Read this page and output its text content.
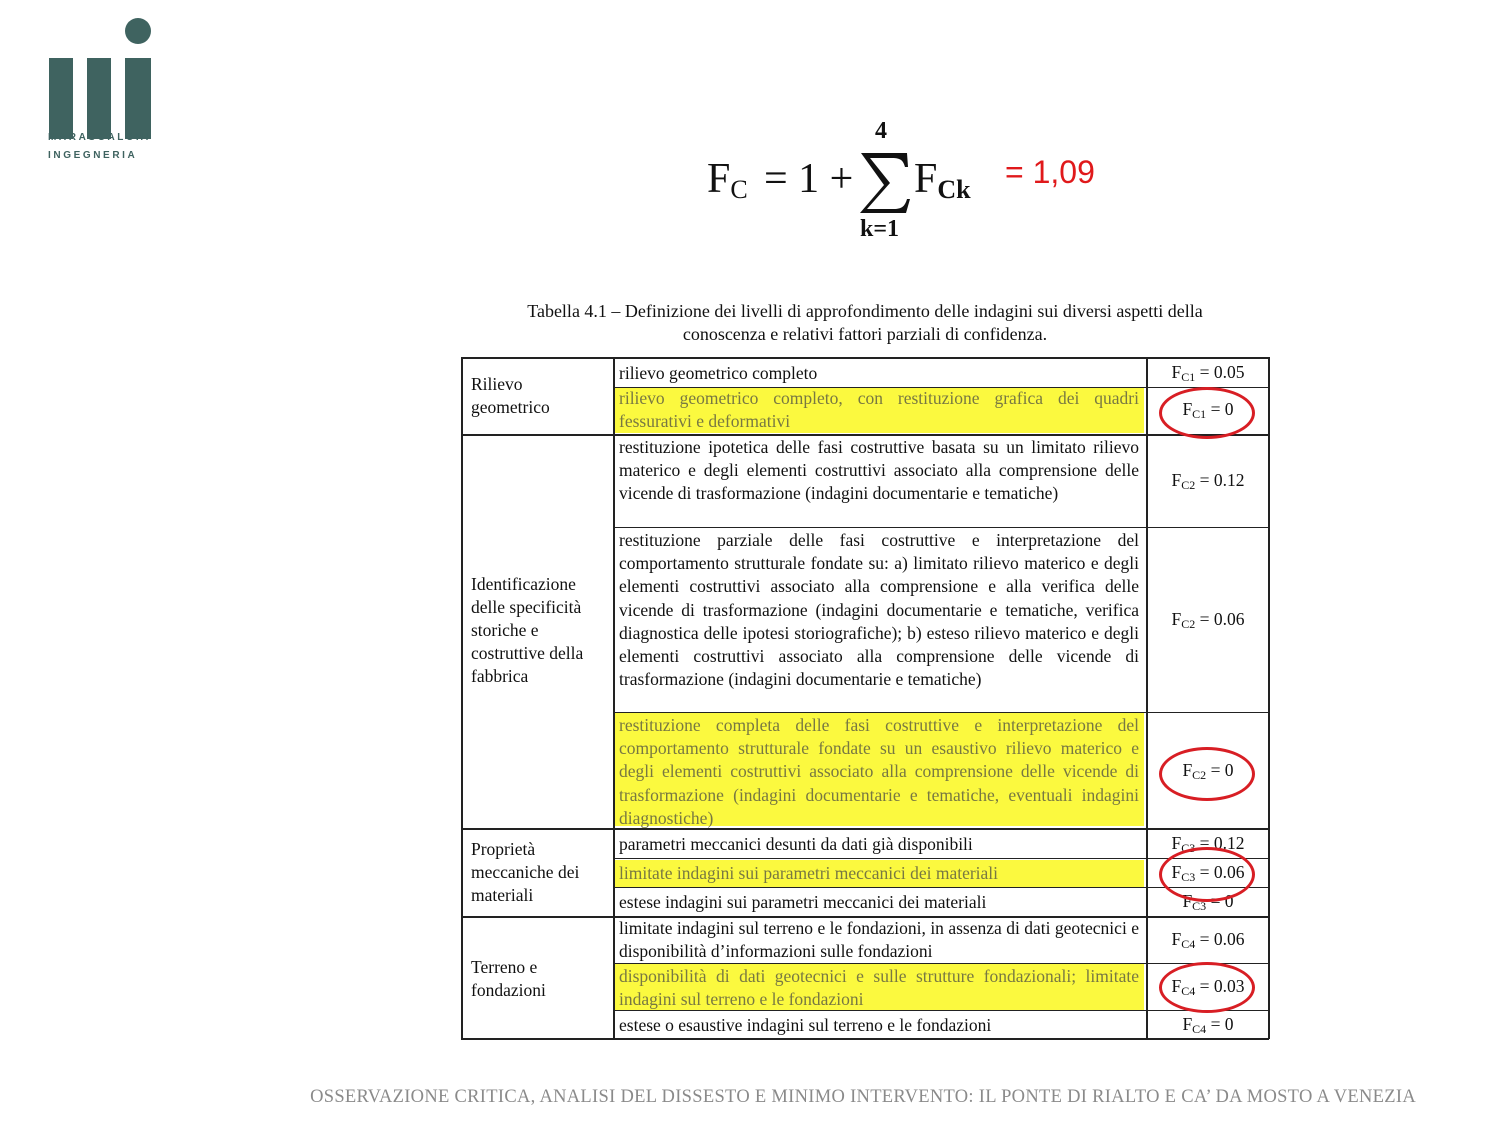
MARASCALCHI
INGEGNERIA
FC = 1 +
4
k=1
FCk = 1,09
Tabella 4.1 – Definizione dei livelli di approfondimento delle indagini sui diversi aspetti della
conoscenza e relativi fattori parziali di confidenza.
Rilievo geometrico
Identificazione delle specificità storiche e costruttive della fabbrica
Proprietà meccaniche dei materiali
Terreno e fondazioni
rilievo geometrico completo
rilievo geometrico completo, con restituzione grafica dei quadri fessurativi e deformativi
restituzione ipotetica delle fasi costruttive basata su un limitato rilievo materico e degli elementi costruttivi associato alla comprensione delle vicende di trasformazione (indagini documentarie e tematiche)
restituzione parziale delle fasi costruttive e interpretazione del comportamento strutturale fondate su: a) limitato rilievo materico e degli elementi costruttivi associato alla comprensione e alla verifica delle vicende di trasformazione (indagini documentarie e tematiche, verifica diagnostica delle ipotesi storiografiche); b) esteso rilievo materico e degli elementi costruttivi associato alla comprensione delle vicende di trasformazione (indagini documentarie e tematiche)
restituzione completa delle fasi costruttive e interpretazione del comportamento strutturale fondate su un esaustivo rilievo materico e degli elementi costruttivi associato alla comprensione delle vicende di trasformazione (indagini documentarie e tematiche, eventuali indagini diagnostiche)
parametri meccanici desunti da dati già disponibili
limitate indagini sui parametri meccanici dei materiali
estese indagini sui parametri meccanici dei materiali
limitate indagini sul terreno e le fondazioni, in assenza di dati geotecnici e disponibilità d’informazioni sulle fondazioni
disponibilità di dati geotecnici e sulle strutture fondazionali; limitate indagini sul terreno e le fondazioni
estese o esaustive indagini sul terreno e le fondazioni
$F_{C1} = 0.05$
$F_{C1} = 0$
$F_{C2} = 0.12$
$F_{C2} = 0.06$
$F_{C2} = 0$
$F_{C3} = 0.12$
$F_{C3} = 0.06$
$F_{C3} = 0$
$F_{C4} = 0.06$
$F_{C4} = 0.03$
$F_{C4} = 0$
OSSERVAZIONE CRITICA, ANALISI DEL DISSESTO E MINIMO INTERVENTO: IL PONTE DI RIALTO E CA’ DA MOSTO A VENEZIA
